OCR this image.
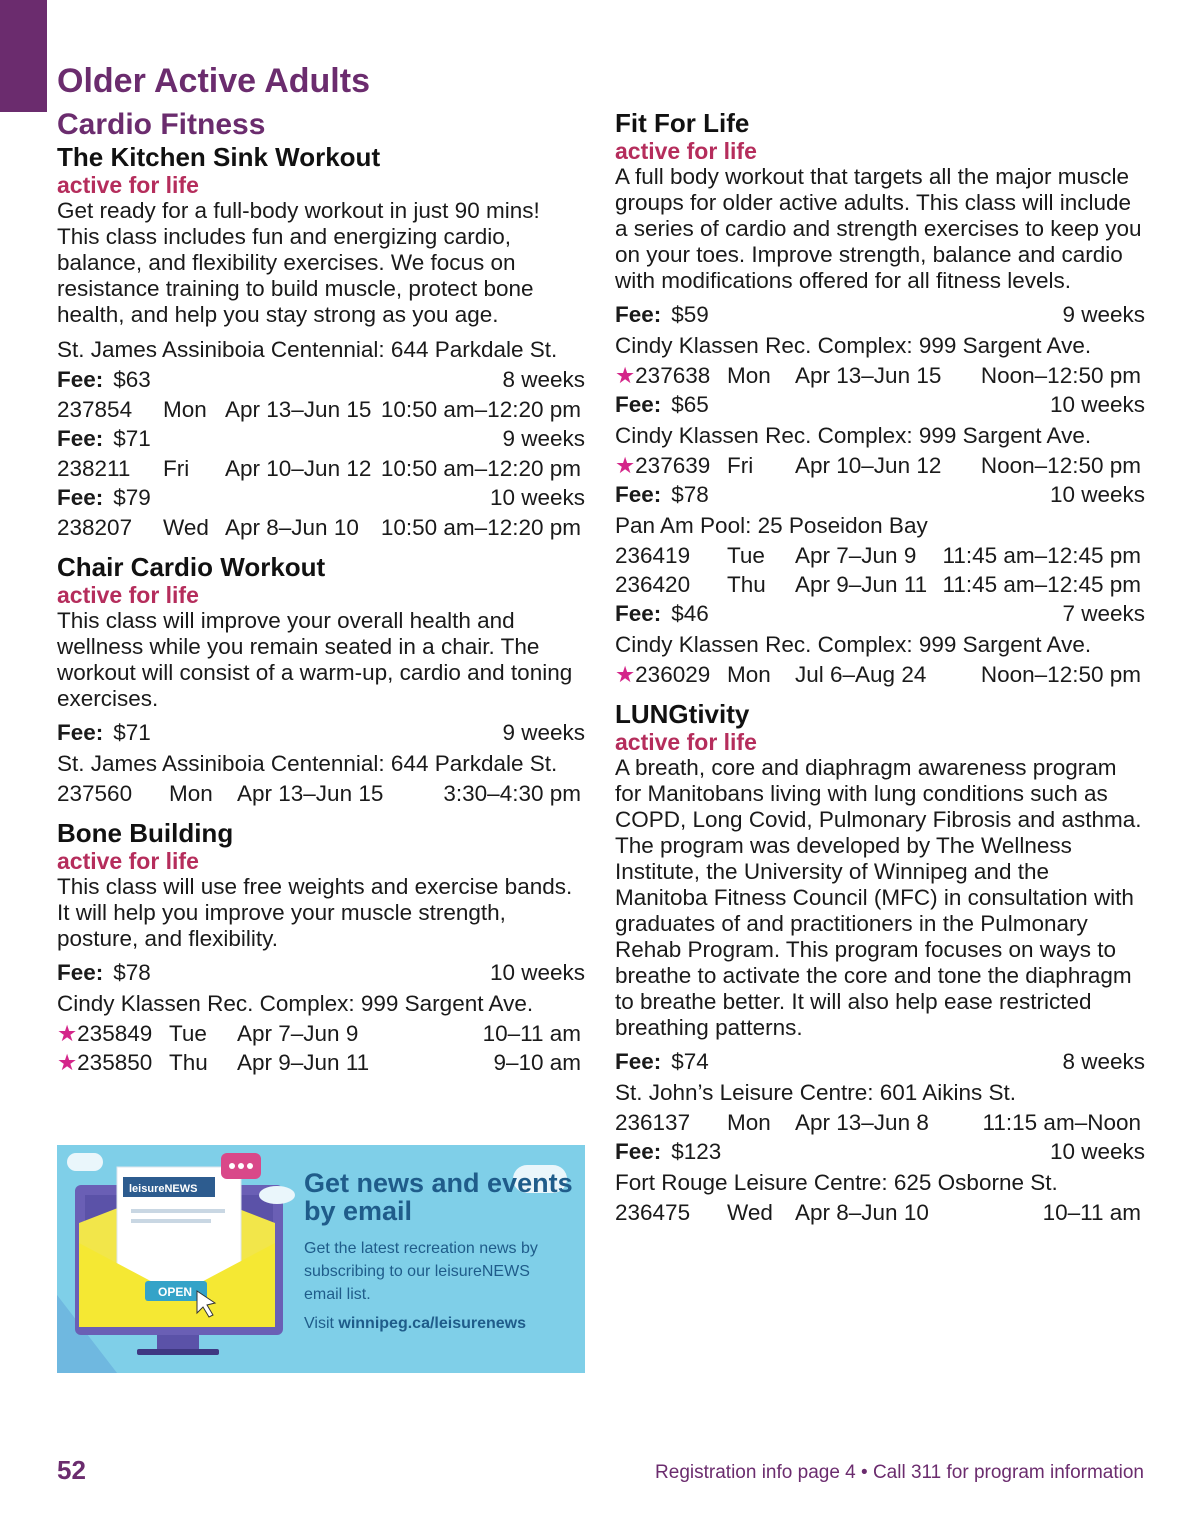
Older Active Adults
Cardio Fitness
The Kitchen Sink Workout
active for life

Get ready for a full-body workout in just 90 mins! This class includes fun and energizing cardio, balance, and flexibility exercises. We focus on resistance training to build muscle, protect bone health, and help you stay strong as you age.

St. James Assiniboia Centennial: 644 Parkdale St.
Fee: $63	8 weeks
237854	Mon Apr 13–Jun 15 10:50 am–12:20 pm
Fee: $71	9 weeks
238211	Fri	Apr 10–Jun 12 10:50 am–12:20 pm
Fee: $79	10 weeks
238207	Wed Apr 8–Jun 10 10:50 am–12:20 pm
Chair Cardio Workout
active for life

This class will improve your overall health and wellness while you remain seated in a chair. The workout will consist of a warm-up, cardio and toning exercises.

Fee: $71	9 weeks
St. James Assiniboia Centennial: 644 Parkdale St.
237560	Mon	Apr 13–Jun 15	3:30–4:30 pm
Bone Building
active for life

This class will use free weights and exercise bands. It will help you improve your muscle strength, posture, and flexibility.

Fee: $78	10 weeks
Cindy Klassen Rec. Complex: 999 Sargent Ave.
★235849 Tue	Apr 7–Jun 9	10–11 am
★235850 Thu	Apr 9–Jun 11	9–10 am
Fit For Life
active for life

A full body workout that targets all the major muscle groups for older active adults. This class will include a series of cardio and strength exercises to keep you on your toes. Improve strength, balance and cardio with modifications offered for all fitness levels.

Fee: $59	9 weeks
Cindy Klassen Rec. Complex: 999 Sargent Ave.
★237638 Mon	Apr 13–Jun 15 Noon–12:50 pm
Fee: $65	10 weeks
Cindy Klassen Rec. Complex: 999 Sargent Ave.
★237639 Fri	Apr 10–Jun 12 Noon–12:50 pm
Fee: $78	10 weeks
Pan Am Pool: 25 Poseidon Bay
236419	Tue	Apr 7–Jun 9 11:45 am–12:45 pm
236420	Thu	Apr 9–Jun 11 11:45 am–12:45 pm
Fee: $46	7 weeks
Cindy Klassen Rec. Complex: 999 Sargent Ave.
★236029 Mon	Jul 6–Aug 24 Noon–12:50 pm
LUNGtivity
active for life

A breath, core and diaphragm awareness program for Manitobans living with lung conditions such as COPD, Long Covid, Pulmonary Fibrosis and asthma. The program was developed by The Wellness Institute, the University of Winnipeg and the Manitoba Fitness Council (MFC) in consultation with graduates of and practitioners in the Pulmonary Rehab Program. This program focuses on ways to breathe to activate the core and tone the diaphragm to breathe better. It will also help ease restricted breathing patterns.

Fee: $74	8 weeks
St. John’s Leisure Centre: 601 Aikins St.
236137	Mon	Apr 13–Jun 8 11:15 am–Noon
Fee: $123	10 weeks
Fort Rouge Leisure Centre: 625 Osborne St.
236475	Wed Apr 8–Jun 10	10–11 am
leisureNEWS
OPEN
Get news and events by email
Get the latest recreation news by subscribing to our leisureNEWS email list.
Visit winnipeg.ca/leisurenews
52	Registration info page 4 • Call 311 for program information
